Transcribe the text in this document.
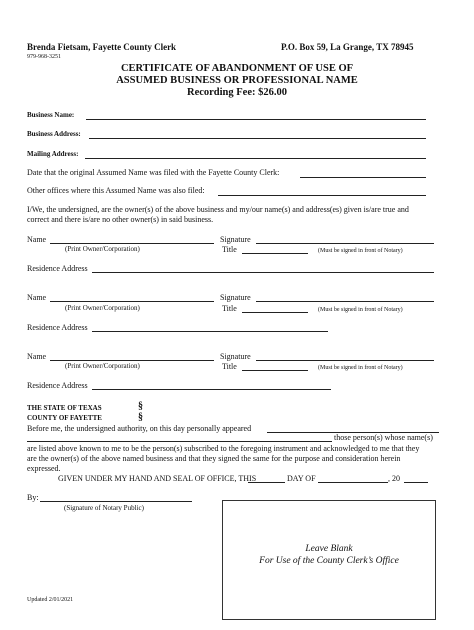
Brenda Fietsam, Fayette County Clerk
979-968-3251
P.O. Box 59, La Grange, TX 78945
CERTIFICATE OF ABANDONMENT OF USE OF
ASSUMED BUSINESS OR PROFESSIONAL NAME
Recording Fee: $26.00
Business Name:
Business Address:
Mailing Address:
Date that the original Assumed Name was filed with the Fayette County Clerk:
Other offices where this Assumed Name was also filed:
I/We, the undersigned, are the owner(s) of the above business and my/our name(s) and address(es) given is/are true and
correct and there is/are no other owner(s) in said business.
Name	Signature
(Print Owner/Corporation)	Title	(Must be signed in front of Notary)
Residence Address
Name	Signature
(Print Owner/Corporation)	Title	(Must be signed in front of Notary)
Residence Address
Name	Signature
(Print Owner/Corporation)	Title	(Must be signed in front of Notary)
Residence Address
THE STATE OF TEXAS	§
COUNTY OF FAYETTE	§
Before me, the undersigned authority, on this day personally appeared
those person(s) whose name(s)
are listed above known to me to be the person(s) subscribed to the foregoing instrument and acknowledged to me that they
are the owner(s) of the above named business and that they signed the same for the purpose and consideration herein
expressed.
GIVEN UNDER MY HAND AND SEAL OF OFFICE, THIS	DAY OF	, 20
By:
(Signature of Notary Public)
Leave Blank
For Use of the County Clerk’s Office
Updated 2/01/2021
